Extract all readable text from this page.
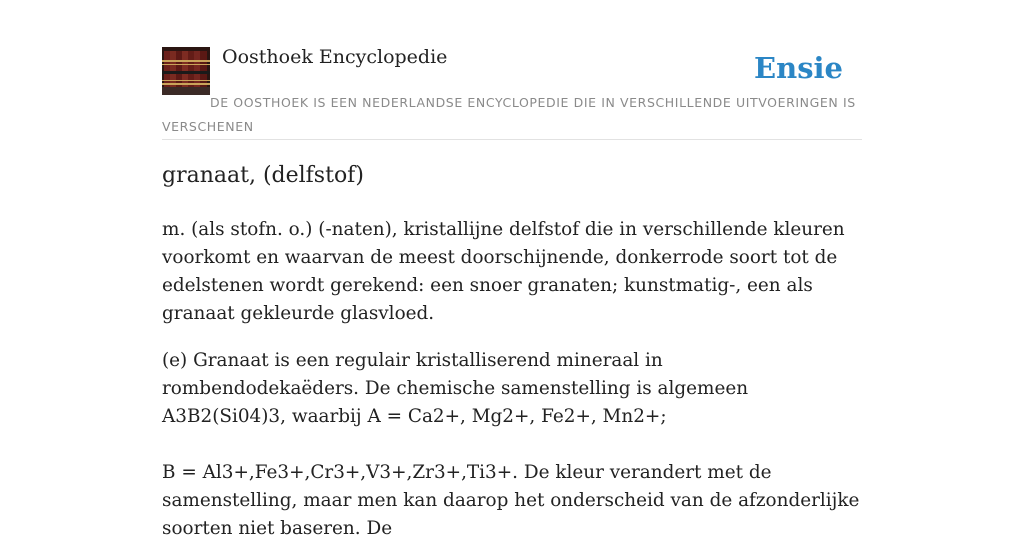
Oosthoek Encyclopedie	Ensie
DE OOSTHOEK IS EEN NEDERLANDSE ENCYCLOPEDIE DIE IN VERSCHILLENDE UITVOERINGEN IS VERSCHENEN
granaat, (delfstof)

m. (als stofn. o.) (-naten), kristallijne delfstof die in verschillende kleuren voorkomt en waarvan de meest doorschijnende, donkerrode soort tot de edelstenen wordt gerekend: een snoer granaten; kunstmatig-, een als granaat gekleurde glasvloed.

(e) Granaat is een regulair kristalliserend mineraal in rombendodekaëders. De chemische samenstelling is algemeen A3B2(Si04)3, waarbij A = Ca2+, Mg2+, Fe2+, Mn2+;

B = Al3+,Fe3+,Cr3+,V3+,Zr3+,Ti3+. De kleur verandert met de samenstelling, maar men kan daarop het onderscheid van de afzonderlijke soorten niet baseren. De
